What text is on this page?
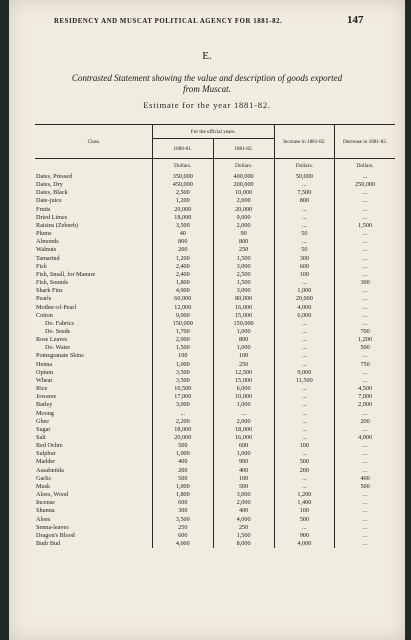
RESIDENCY AND MUSCAT POLITICAL AGENCY FOR 1881-82.	147
E.
Contrasted Statement showing the value and description of goods exported
from Muscat.
Estimate for the year 1881-82.
Class.	For the official years.		Increase in 1881-82.	Decrease in 1881-82.
	1880-81.	1881-82.		
	Dollars.	Dollars.	Dollars.	Dollars.
Dates, Pressed	350,000	400,000	50,000	...
Dates, Dry	450,000	200,000	...	250,000
Dates, Black	2,500	10,000	7,500	...
Date-juice	1,200	2,000	800	...
Fruits	20,000	20,000	...	...
Dried Limes	18,000	9,000	...	...
Raisins (Zebeeb)	3,500	2,000	...	1,500
Plums	40	90	50	...
Almonds	800	800	...	...
Walnuts	200	250	50	...
Tamarind	1,200	1,500	300	...
Fish	2,400	3,000	600	...
Fish, Small, for Manure	2,400	2,500	100	...
Fish, Sounds	1,800	1,500	...	300
Shark Fins	4,000	3,000	1,000	...
Pearls	60,000	80,000	20,000	...
Mother-of-Pearl	12,000	16,000	4,000	...
Cotton	9,000	15,000	6,000	...
Do. Fabrics	150,000	150,000	...	...
Do. Seeds	1,700	1,000	...	700
Rose Leaves	2,000	800	...	1,200
Do. Water	1,500	1,000	...	500
Pomegranate Skins	100	100	...	...
Henna	1,000	250	...	750
Opium	3,500	12,500	9,000	...
Wheat	3,500	15,000	11,500	...
Rice	10,500	6,000	...	4,500
Jowaree	17,000	10,000	...	7,000
Barley	3,000	1,000	...	2,000
Moong	...	...	...	...
Ghee	2,200	2,000	...	200
Sugar	18,000	18,000	...	...
Salt	20,000	16,000	...	4,000
Red Ochre	500	600	100	...
Sulphur	1,000	1,000	...	...
Madder	400	900	500	...
Assafœtida	200	400	200	...
Garlic	500	100	...	400
Musk	1,000	500	...	500
Aloes, Wood	1,800	3,000	1,200	...
Incense	600	2,000	1,400	...
Shunna	300	400	100	...
Aloes	3,500	4,000	500	...
Senna-leaves	250	250	...	...
Dragon's Blood	600	1,500	900	...
Budr Bud	4,000	8,000	4,000	...
